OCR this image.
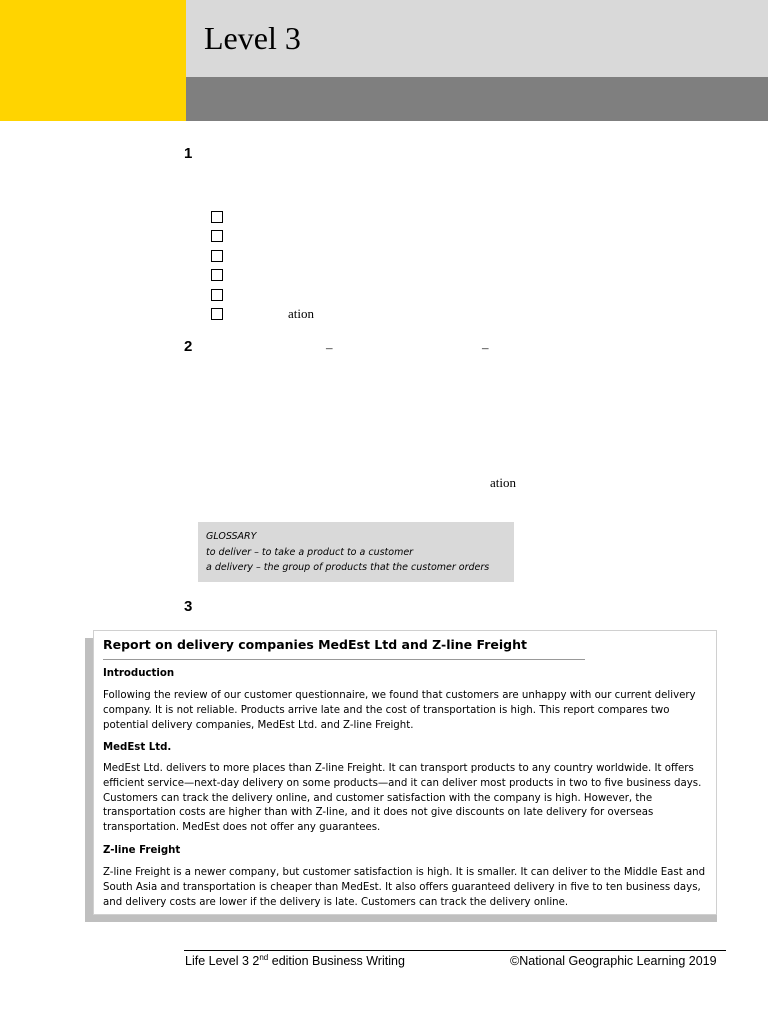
Level 3
1
ation
2	–	–
ation
GLOSSARY
to deliver – to take a product to a customer
a delivery – the group of products that the customer orders
3
Report on delivery companies MedEst Ltd and Z-line Freight
Introduction

Following the review of our customer questionnaire, we found that customers are unhappy with our current delivery company. It is not reliable. Products arrive late and the cost of transportation is high. This report compares two potential delivery companies, MedEst Ltd. and Z-line Freight.

MedEst Ltd.

MedEst Ltd. delivers to more places than Z-line Freight. It can transport products to any country worldwide. It offers efficient service—next-day delivery on some products—and it can deliver most products in two to five business days. Customers can track the delivery online, and customer satisfaction with the company is high. However, the transportation costs are higher than with Z-line, and it does not give discounts on late delivery for overseas transportation. MedEst does not offer any guarantees.

Z-line Freight

Z-line Freight is a newer company, but customer satisfaction is high. It is smaller. It can deliver to the Middle East and South Asia and transportation is cheaper than MedEst. It also offers guaranteed delivery in five to ten business days, and delivery costs are lower if the delivery is late. Customers can track the delivery online.

Life Level 3 2nd edition Business Writing	©National Geographic Learning 2019
